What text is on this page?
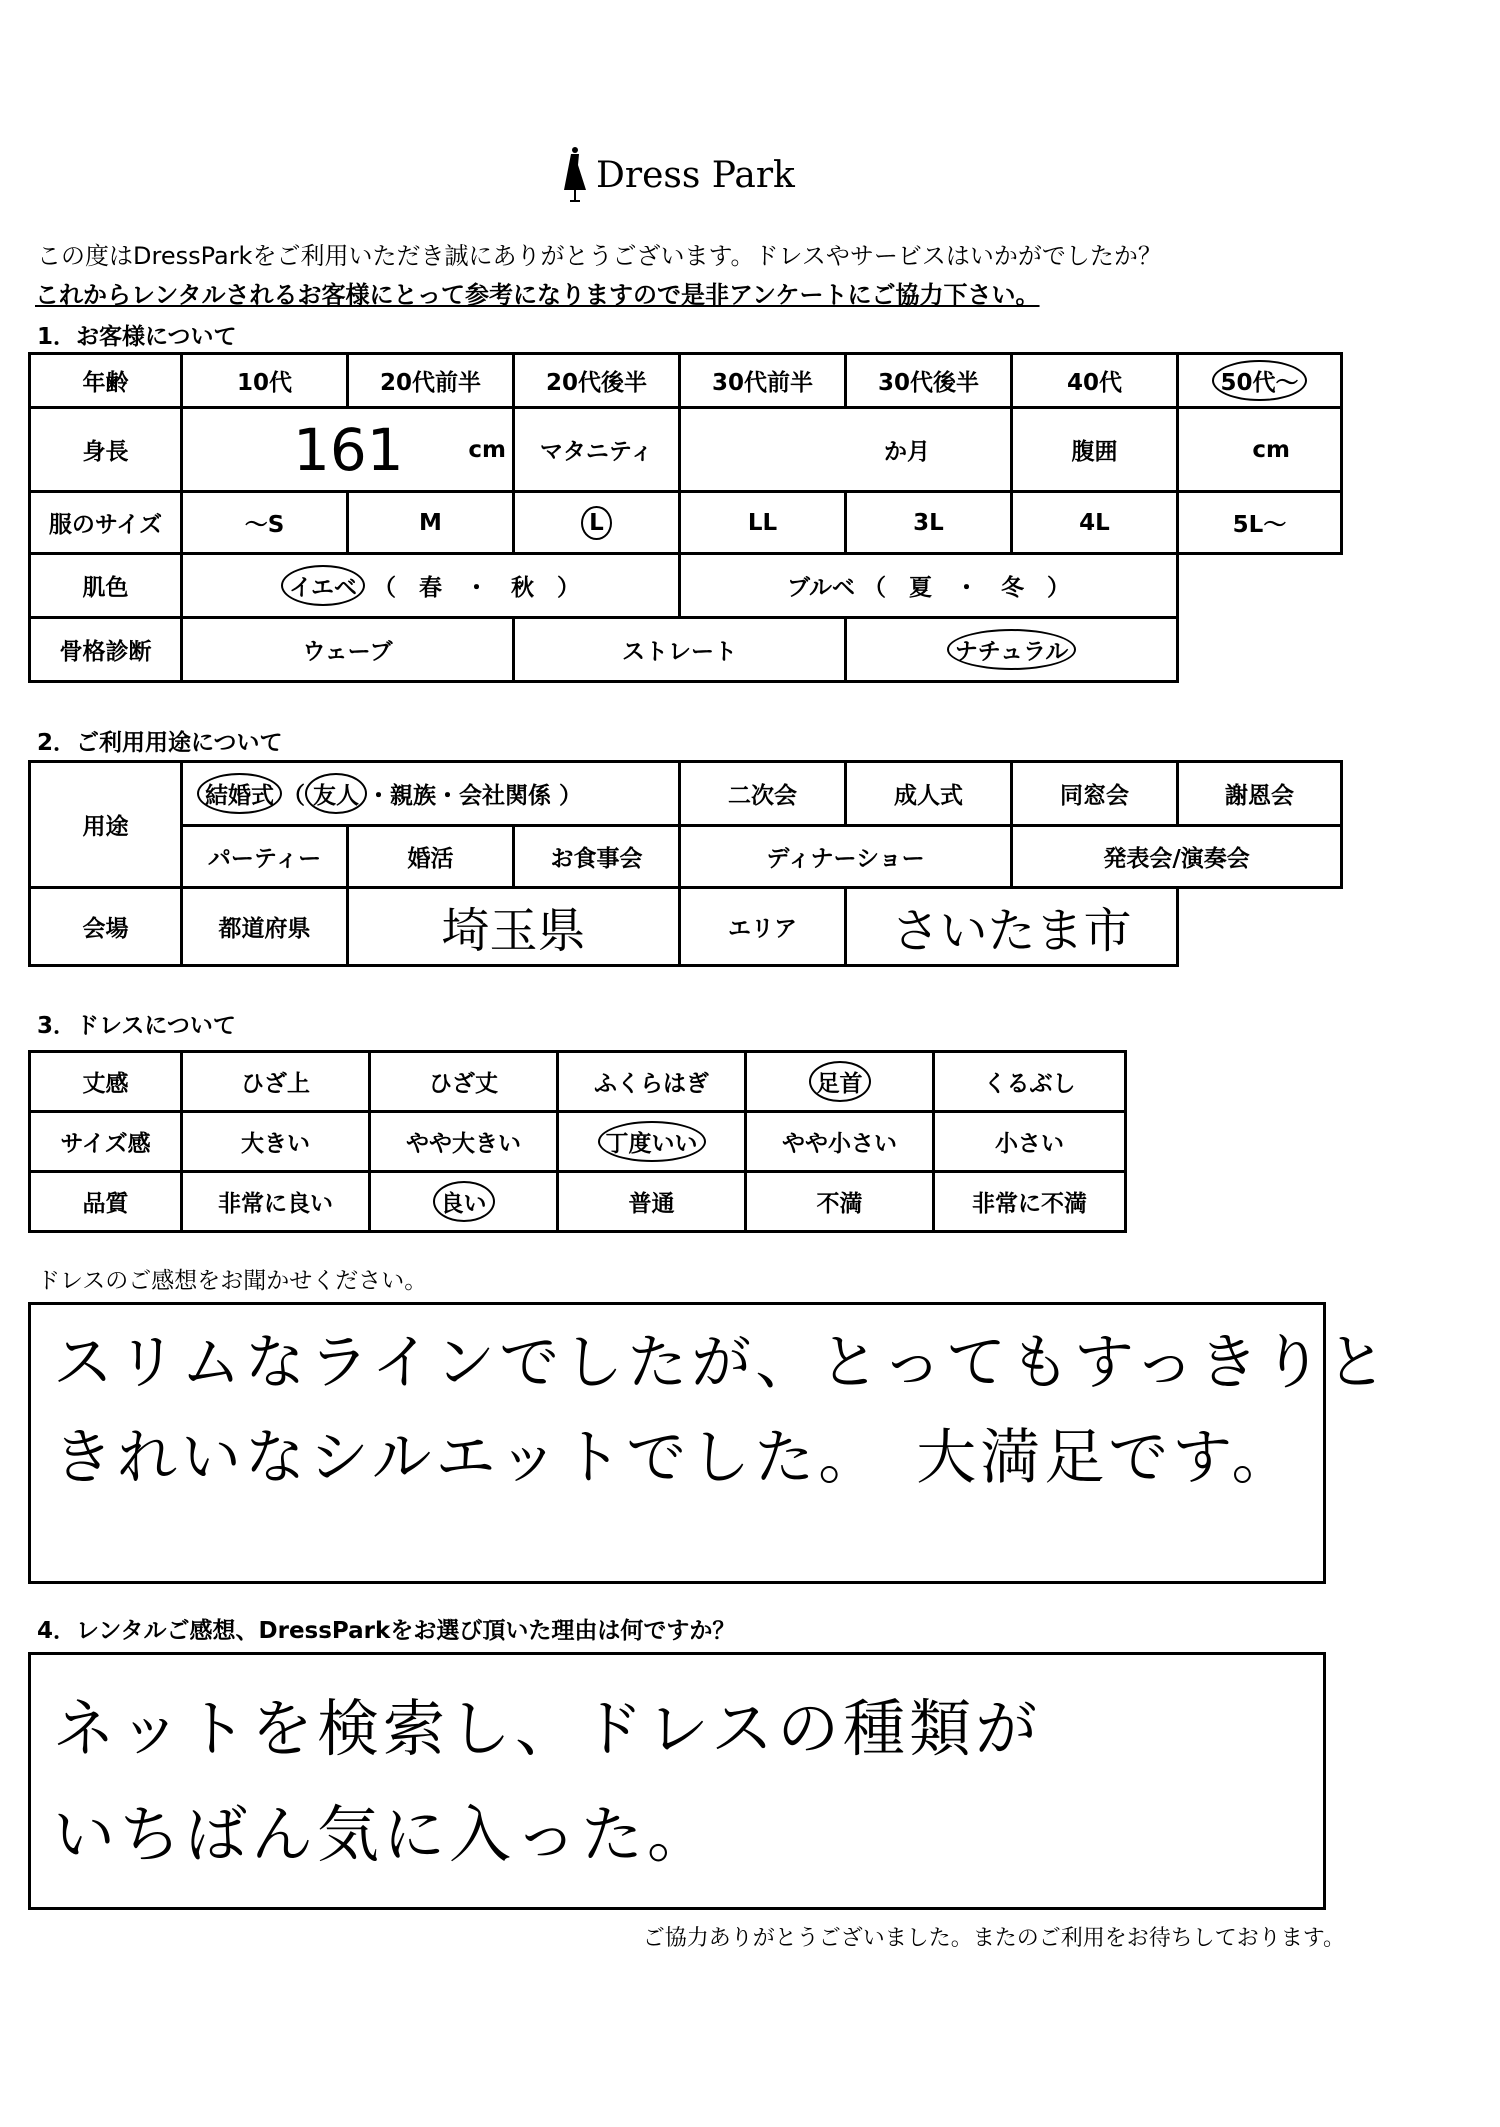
Dress Park
この度はDressParkをご利用いただき誠にありがとうございます。ドレスやサービスはいかがでしたか？
これからレンタルされるお客様にとって参考になりますので是非アンケートにご協力下さい。
1．お客様について
年齢	10代	20代前半	20代後半	30代前半	30代後半	40代	50代～
身長	161 cm		マタニティ	か月		腹囲	cm
服のサイズ	～S	M	L	LL	3L	4L	5L～
肌色	イエベ （　春　・　秋　）			ブルベ （　夏　・　冬　）			
骨格診断	ウェーブ		ストレート		ナチュラル		
2．ご利用用途について
用途	結婚式 （ 友人 ・親族・会社関係 ）			二次会	成人式	同窓会	謝恩会
	パーティー	婚活	お食事会	ディナーショー		発表会/演奏会	
会場	都道府県	埼玉県		エリア	さいたま市		
3．ドレスについて
丈感	ひざ上	ひざ丈	ふくらはぎ	足首	くるぶし
サイズ感	大きい	やや大きい	丁度いい	やや小さい	小さい
品質	非常に良い	良い	普通	不満	非常に不満
ドレスのご感想をお聞かせください。
スリムなラインでしたが、とってもすっきりと
きれいなシルエットでした。　大満足です。
4．レンタルご感想、DressParkをお選び頂いた理由は何ですか？
ネットを検索し、ドレスの種類が
いちばん気に入った。
ご協力ありがとうございました。またのご利用をお待ちしております。
